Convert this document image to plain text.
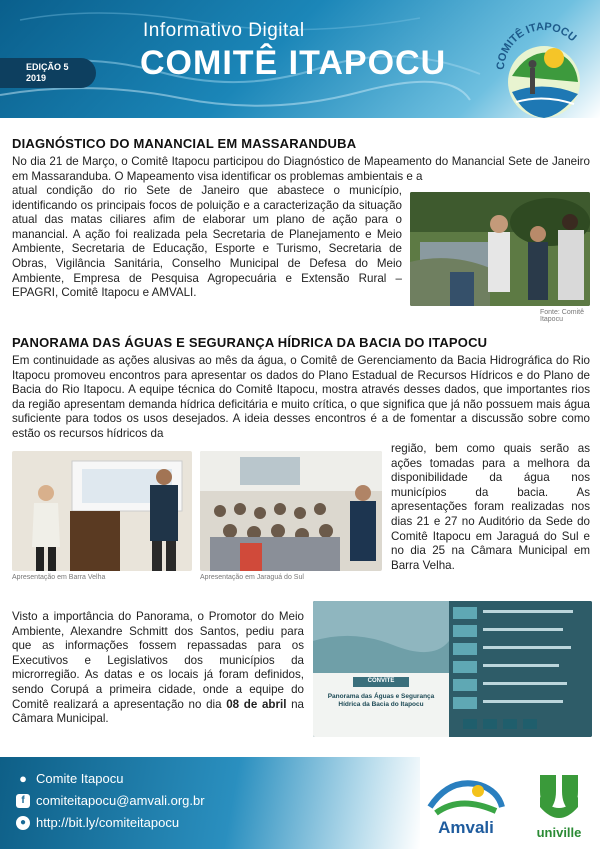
Informativo Digital
COMITÊ ITAPOCU
EDIÇÃO 5
2019
COMITÊ ITAPOCU
DIAGNÓSTICO DO MANANCIAL EM MASSARANDUBA
No dia 21 de Março, o Comitê Itapocu participou do Diagnóstico de Mapeamento do Manancial Sete de Janeiro em Massaranduba. O Mapeamento visa identificar os problemas ambientais e a
atual condição do rio Sete de Janeiro que abastece o município, identificando os principais focos de poluição e a caracterização da situação atual das matas ciliares afim de elaborar um plano de ação para o manancial. A ação foi realizada pela Secretaria de Planejamento e Meio Ambiente, Secretaria de Educação, Esporte e Turismo, Secretaria de Obras, Vigilância Sanitária, Conselho Municipal de Defesa do Meio Ambiente, Empresa de Pesquisa Agropecuária e Extensão Rural – EPAGRI, Comitê Itapocu e AMVALI.
Fonte: Comitê Itapocu
PANORAMA DAS ÁGUAS E SEGURANÇA HÍDRICA DA BACIA DO ITAPOCU
Em continuidade as ações alusivas ao mês da água, o Comitê de Gerenciamento da Bacia Hidrográfica do Rio Itapocu promoveu encontros para apresentar os dados do Plano Estadual de Recursos Hídricos e do Plano de Bacia do Rio Itapocu. A equipe técnica do Comitê Itapocu, mostra através desses dados, que importantes rios da região apresentam demanda hídrica deficitária e muito crítica, o que significa que já não possuem mais água suficiente para todos os usos desejados. A ideia desses encontros é a de fomentar a discussão sobre como estão os recursos hídricos da
região, bem como quais serão as ações tomadas para a melhora da disponibilidade da água nos municípios da bacia. As apresentações foram realizadas nos dias 21 e 27 no Auditório da Sede do Comitê Itapocu em Jaraguá do Sul e no dia 25 na Câmara Municipal em Barra Velha.
Apresentação em Barra Velha	Apresentação em Jaraguá do Sul
Visto a importância do Panorama, o Promotor do Meio Ambiente, Alexandre Schmitt dos Santos, pediu para que as informações fossem repassadas para os Executivos e Legislativos dos municípios da microrregião. As datas e os locais já foram definidos, sendo Corupá a primeira cidade, onde a equipe do Comitê realizará a apresentação no dia 08 de abril na Câmara Municipal.
CONVITE
Panorama das Águas e Segurança Hídrica da Bacia do Itapocu
● Comite Itapocu
f comiteitapocu@amvali.org.br
● http://bit.ly/comiteitapocu	Amvali	univille
